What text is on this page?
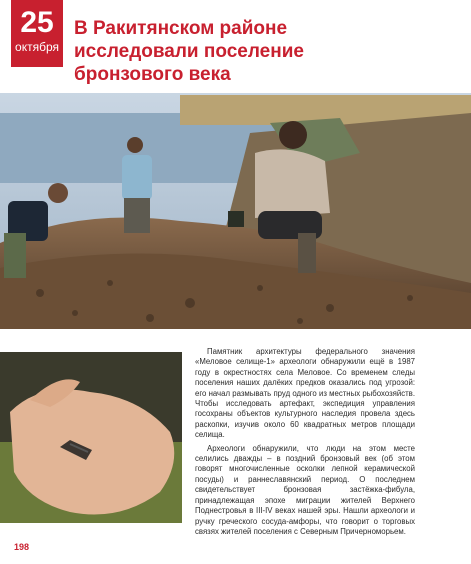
25
октября
В Ракитянском районе исследовали поселение бронзового века

Памятник архитектуры федерального значения «Меловое селище-1» археологи обнаружили ещё в 1987 году в окрестностях села Меловое. Со временем следы поселения наших далёких предков оказались под угрозой: его начал размывать пруд одного из местных рыбохозяйств. Чтобы исследовать артефакт, экспедиция управления госохраны объектов культурного наследия провела здесь раскопки, изучив около 60 квадратных метров площади селища.

Археологи обнаружили, что люди на этом месте селились дважды – в поздний бронзовый век (об этом говорят многочисленные осколки лепной керамической посуды) и раннеславянский период. О последнем свидетельствует бронзовая застёжка-фибула, принадлежащая эпохе миграции жителей Верхнего Поднестровья в III-IV веках нашей эры. Нашли археологи и ручку греческого сосуда-амфоры, что говорит о торговых связях жителей поселения с Северным Причерноморьем.

198
